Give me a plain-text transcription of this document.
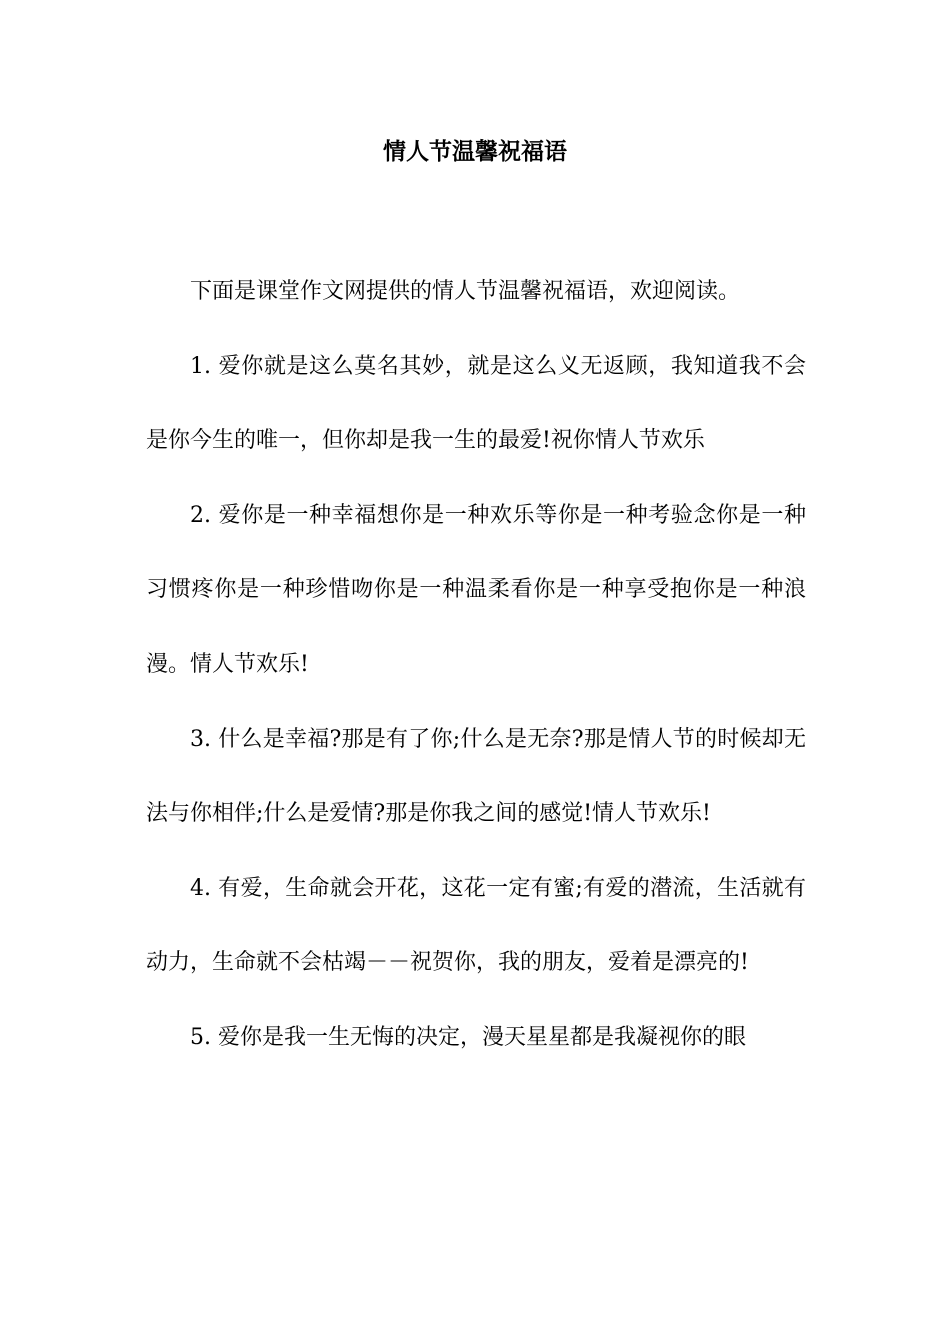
情人节温馨祝福语

下面是课堂作文网提供的情人节温馨祝福语，欢迎阅读。

1. 爱你就是这么莫名其妙，就是这么义无返顾，我知道我不会是你今生的唯一，但你却是我一生的最爱!祝你情人节欢乐

2. 爱你是一种幸福想你是一种欢乐等你是一种考验念你是一种习惯疼你是一种珍惜吻你是一种温柔看你是一种享受抱你是一种浪漫。情人节欢乐!

3. 什么是幸福?那是有了你;什么是无奈?那是情人节的时候却无法与你相伴;什么是爱情?那是你我之间的感觉!情人节欢乐!

4. 有爱，生命就会开花，这花一定有蜜;有爱的潜流，生活就有动力，生命就不会枯竭－－祝贺你，我的朋友，爱着是漂亮的!

5. 爱你是我一生无悔的决定，漫天星星都是我凝视你的眼
